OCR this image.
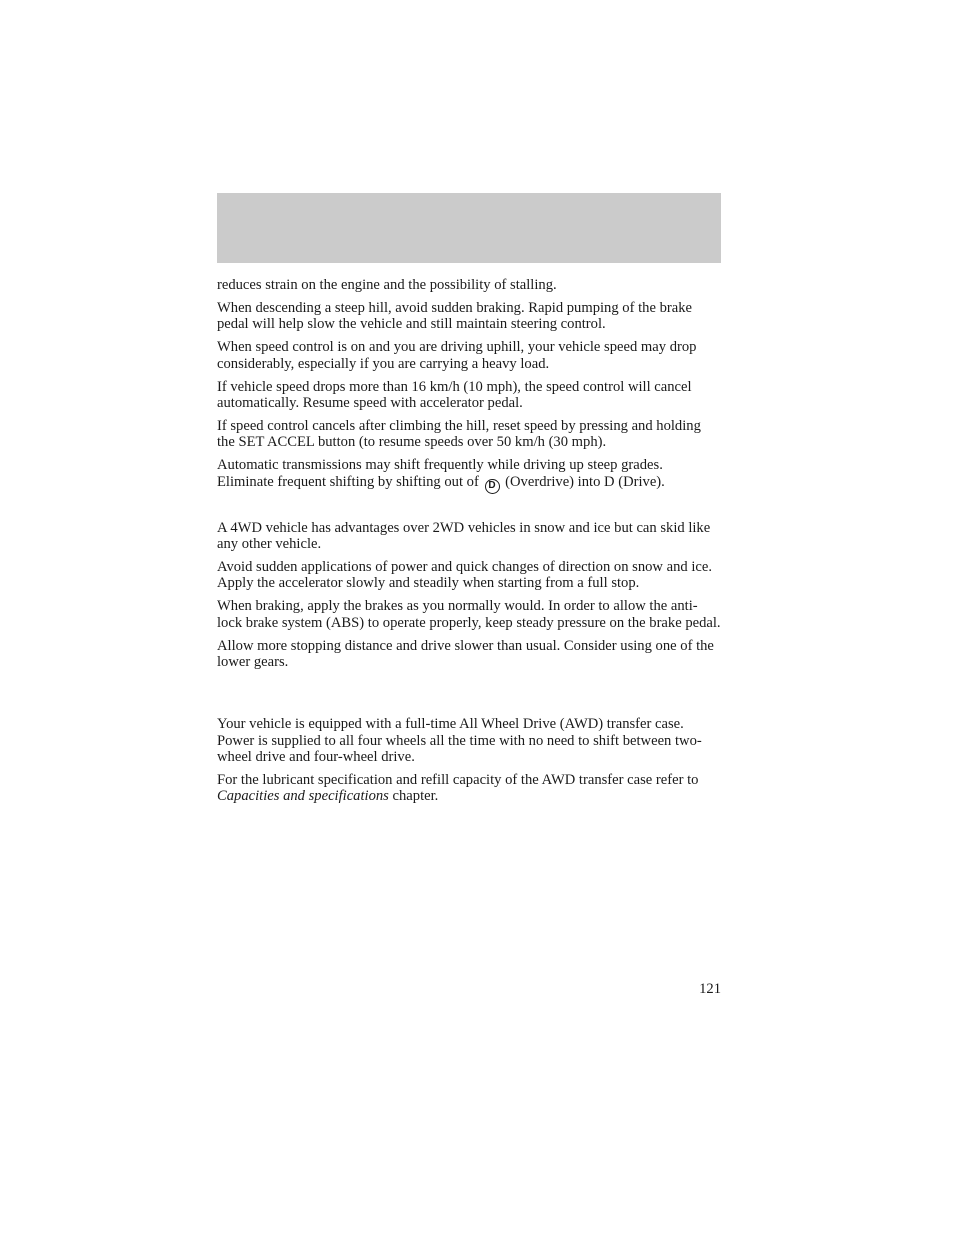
reduces strain on the engine and the possibility of stalling.

When descending a steep hill, avoid sudden braking. Rapid pumping of the brake pedal will help slow the vehicle and still maintain steering control.

When speed control is on and you are driving uphill, your vehicle speed may drop considerably, especially if you are carrying a heavy load.

If vehicle speed drops more than 16 km/h (10 mph), the speed control will cancel automatically. Resume speed with accelerator pedal.

If speed control cancels after climbing the hill, reset speed by pressing and holding the SET ACCEL button (to resume speeds over 50 km/h (30 mph).

Automatic transmissions may shift frequently while driving up steep grades. Eliminate frequent shifting by shifting out of D (Overdrive) into D (Drive).

A 4WD vehicle has advantages over 2WD vehicles in snow and ice but can skid like any other vehicle.

Avoid sudden applications of power and quick changes of direction on snow and ice. Apply the accelerator slowly and steadily when starting from a full stop.

When braking, apply the brakes as you normally would. In order to allow the anti-lock brake system (ABS) to operate properly, keep steady pressure on the brake pedal.

Allow more stopping distance and drive slower than usual. Consider using one of the lower gears.

Your vehicle is equipped with a full-time All Wheel Drive (AWD) transfer case. Power is supplied to all four wheels all the time with no need to shift between two-wheel drive and four-wheel drive.

For the lubricant specification and refill capacity of the AWD transfer case refer to Capacities and specifications chapter.

121
